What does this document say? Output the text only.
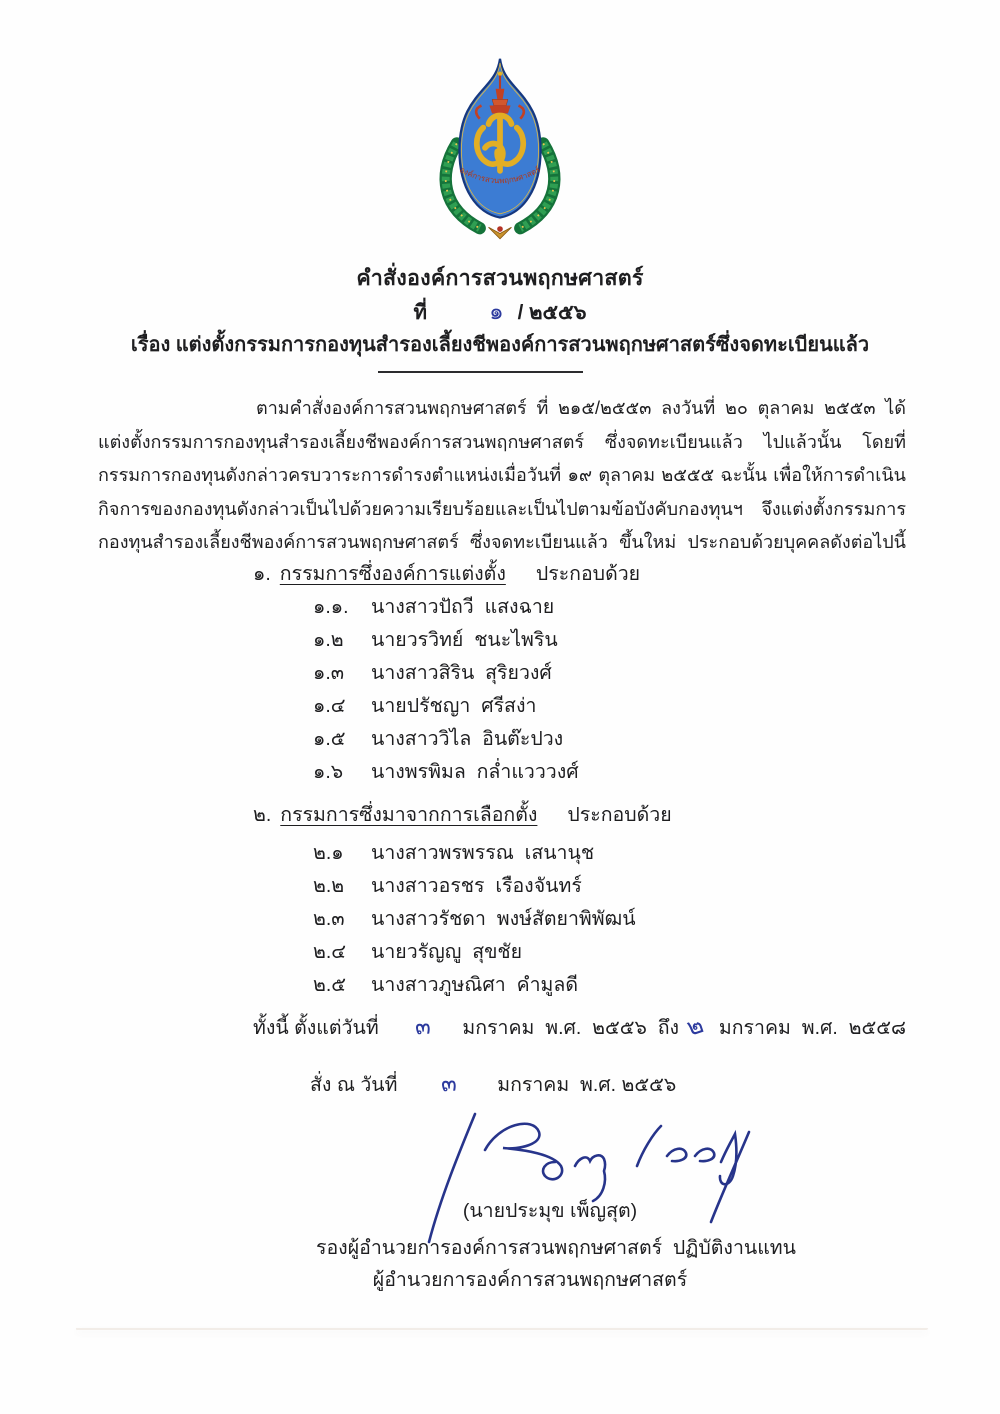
องค์การสวนพฤกษศาสตร์
คำสั่งองค์การสวนพฤกษศาสตร์
ที่	๑ / ๒๕๕๖
เรื่อง แต่งตั้งกรรมการกองทุนสำรองเลี้ยงชีพองค์การสวนพฤกษศาสตร์ซึ่งจดทะเบียนแล้ว
ตามคำสั่งองค์การสวนพฤกษศาสตร์ ที่ ๒๑๕/๒๕๕๓ ลงวันที่ ๒๐ ตุลาคม ๒๕๕๓ ได้
แต่งตั้งกรรมการกองทุนสำรองเลี้ยงชีพองค์การสวนพฤกษศาสตร์ ซึ่งจดทะเบียนแล้ว ไปแล้วนั้น โดยที่
กรรมการกองทุนดังกล่าวครบวาระการดำรงตำแหน่งเมื่อวันที่ ๑๙ ตุลาคม ๒๕๕๕ ฉะนั้น เพื่อให้การดำเนิน
กิจการของกองทุนดังกล่าวเป็นไปด้วยความเรียบร้อยและเป็นไปตามข้อบังคับกองทุนฯ จึงแต่งตั้งกรรมการ
กองทุนสำรองเลี้ยงชีพองค์การสวนพฤกษศาสตร์ ซึ่งจดทะเบียนแล้ว ขึ้นใหม่ ประกอบด้วยบุคคลดังต่อไปนี้
๑. กรรมการซึ่งองค์การแต่งตั้ง ประกอบด้วย
๑.๑. นางสาวปัถวี  แสงฉาย
๑.๒ นายวรวิทย์  ชนะไพริน
๑.๓ นางสาวสิริน  สุริยวงศ์
๑.๔ นายปรัชญา  ศรีสง่า
๑.๕ นางสาววิไล  อินต๊ะปวง
๑.๖ นางพรพิมล  กล่ำแวววงศ์
๒. กรรมการซึ่งมาจากการเลือกตั้ง ประกอบด้วย
๒.๑ นางสาวพรพรรณ  เสนานุช
๒.๒ นางสาวอรชร  เรืองจันทร์
๒.๓ นางสาวรัชดา  พงษ์สัตยาพิพัฒน์
๒.๔ นายวรัญญู  สุขชัย
๒.๕ นางสาวภูษณิศา  คำมูลดี
ทั้งนี้ ตั้งแต่วันที่ ๓ มกราคม  พ.ศ.  ๒๕๕๖  ถึง ๒ มกราคม  พ.ศ.  ๒๕๕๘
สั่ง ณ วันที่ ๓ มกราคม  พ.ศ. ๒๕๕๖
(นายประมุข เพ็ญสุต)
รองผู้อำนวยการองค์การสวนพฤกษศาสตร์  ปฏิบัติงานแทน
ผู้อำนวยการองค์การสวนพฤกษศาสตร์
